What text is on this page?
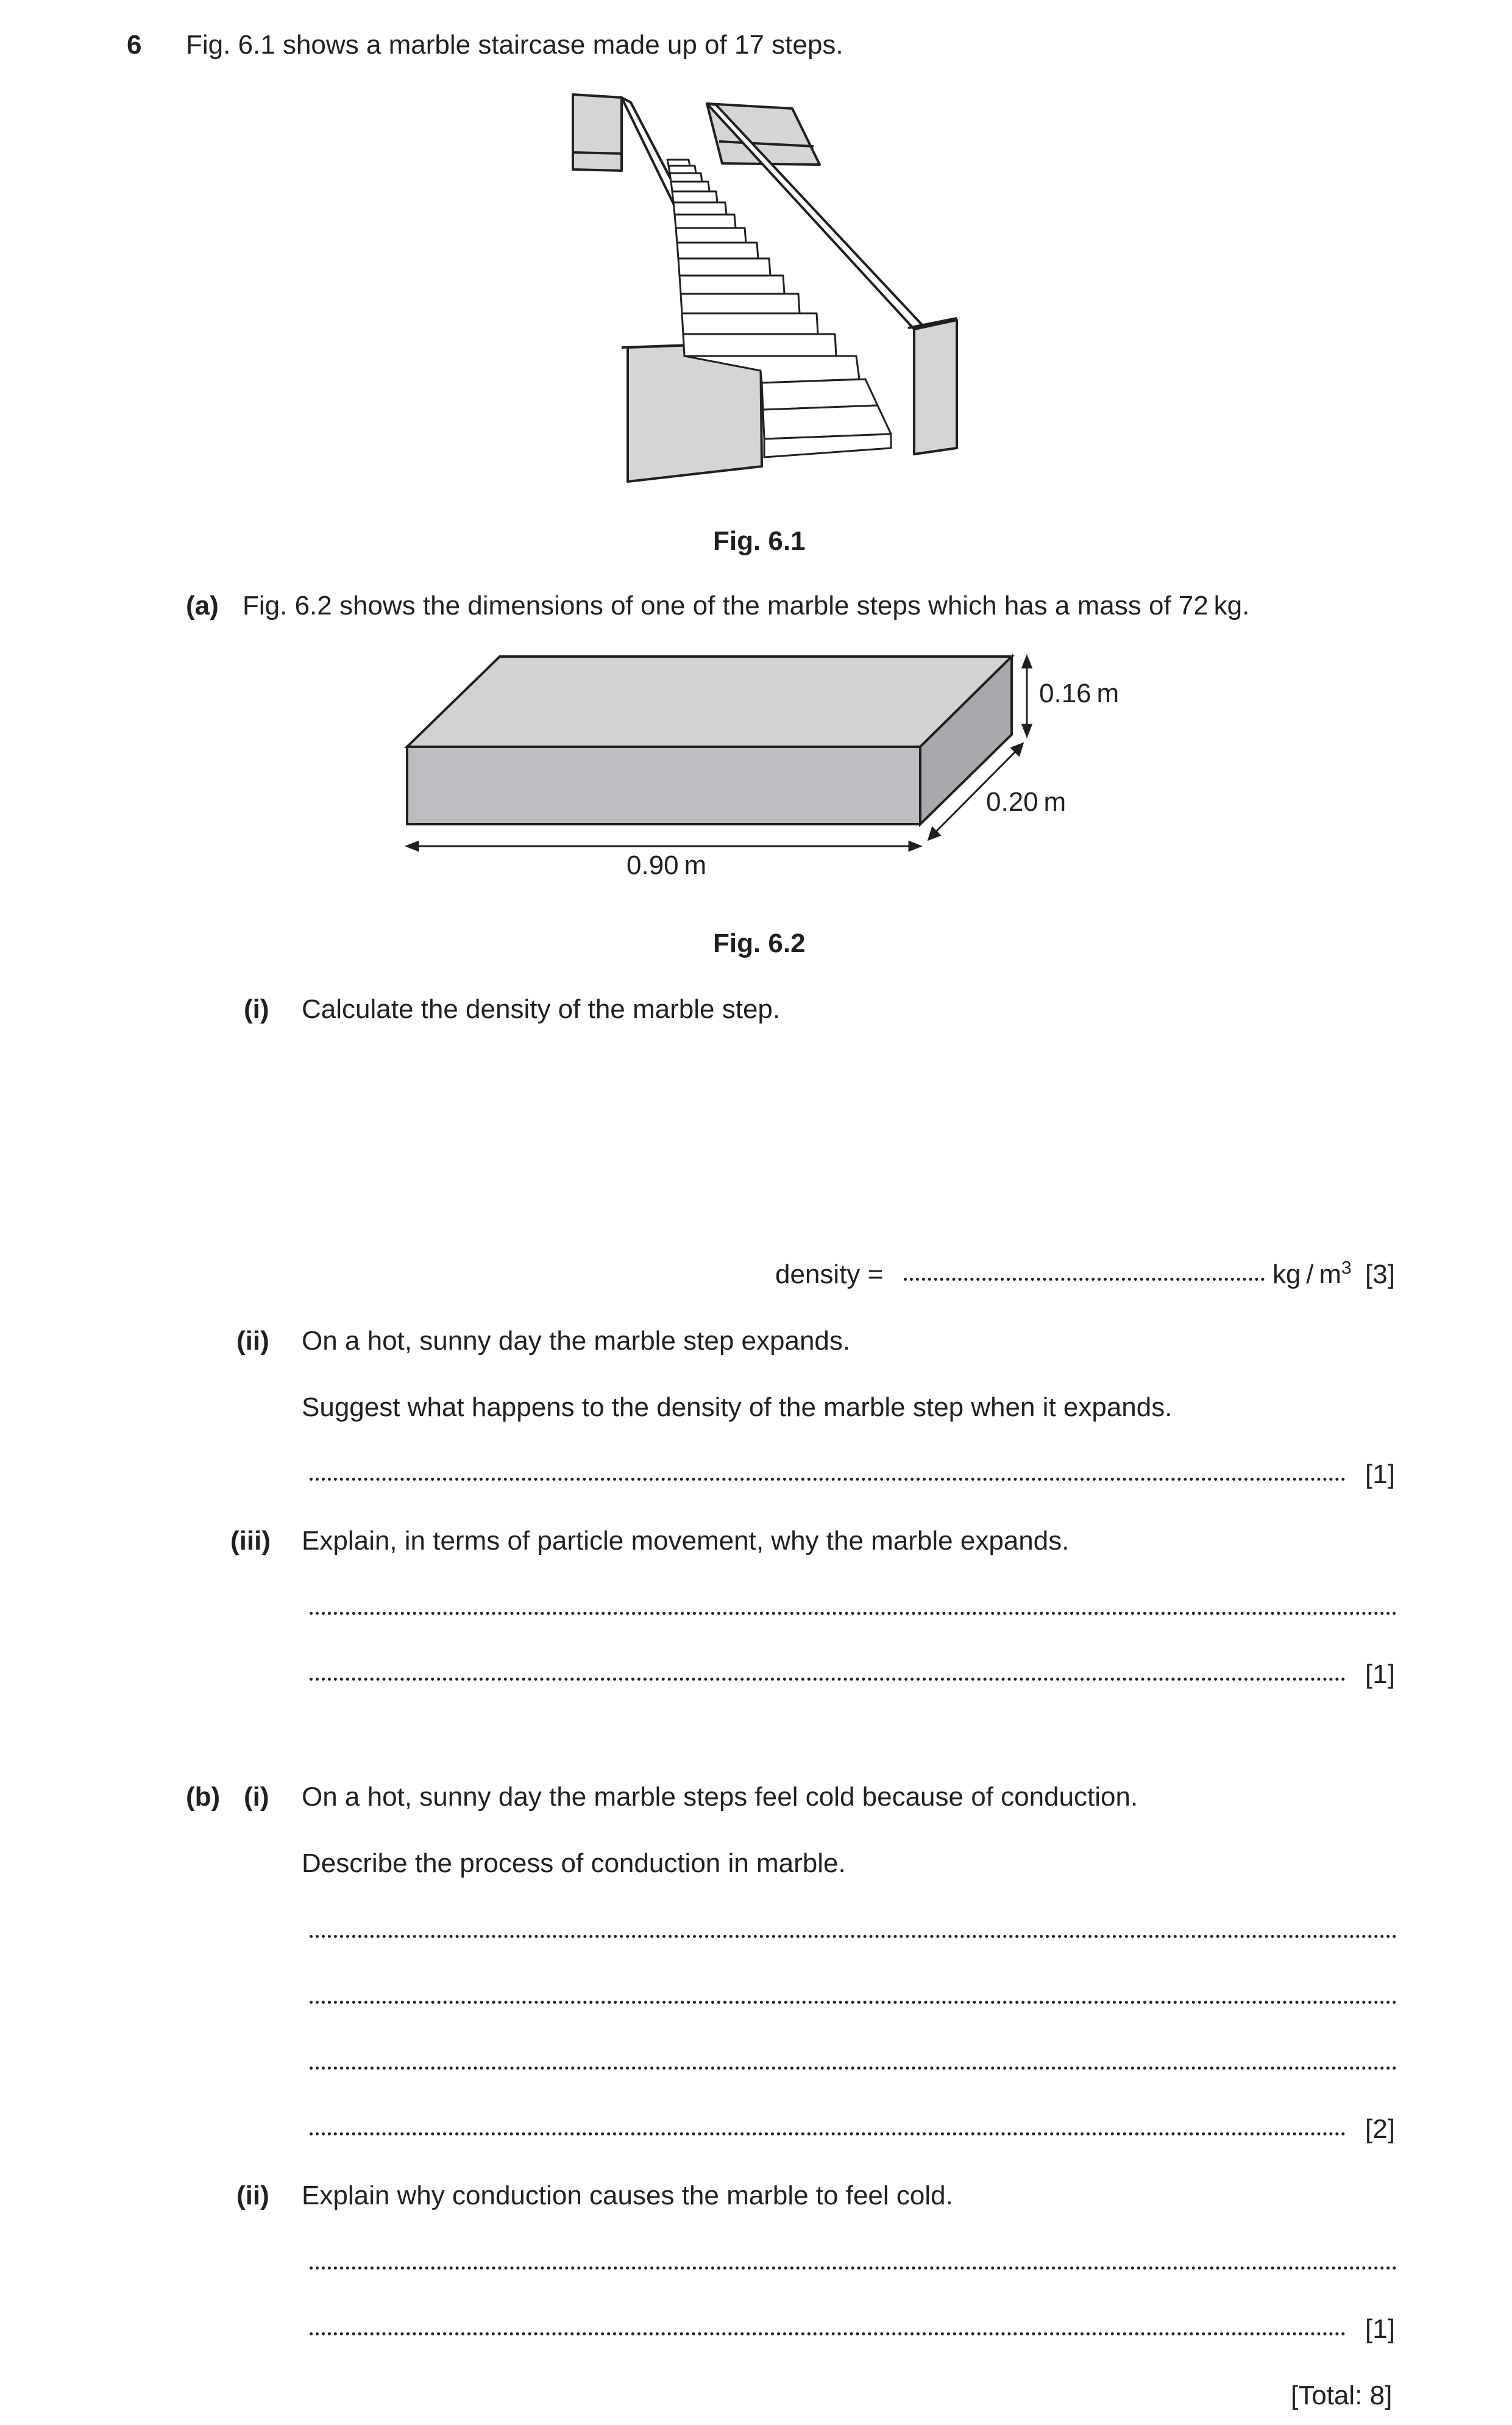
6 Fig. 6.1 shows a marble staircase made up of 17 steps.
Fig. 6.1
(a) Fig. 6.2 shows the dimensions of one of the marble steps which has a mass of 72 kg.
0.16 m
0.20 m
0.90 m
Fig. 6.2
(i) Calculate the density of the marble step.
density =	kg / $m^3$ [3]
(ii) On a hot, sunny day the marble step expands.
Suggest what happens to the density of the marble step when it expands.
[1]
(iii) Explain, in terms of particle movement, why the marble expands.
[1]
(b) (i) On a hot, sunny day the marble steps feel cold because of conduction.
Describe the process of conduction in marble.
[2]
(ii) Explain why conduction causes the marble to feel cold.
[1]
[Total: 8]
